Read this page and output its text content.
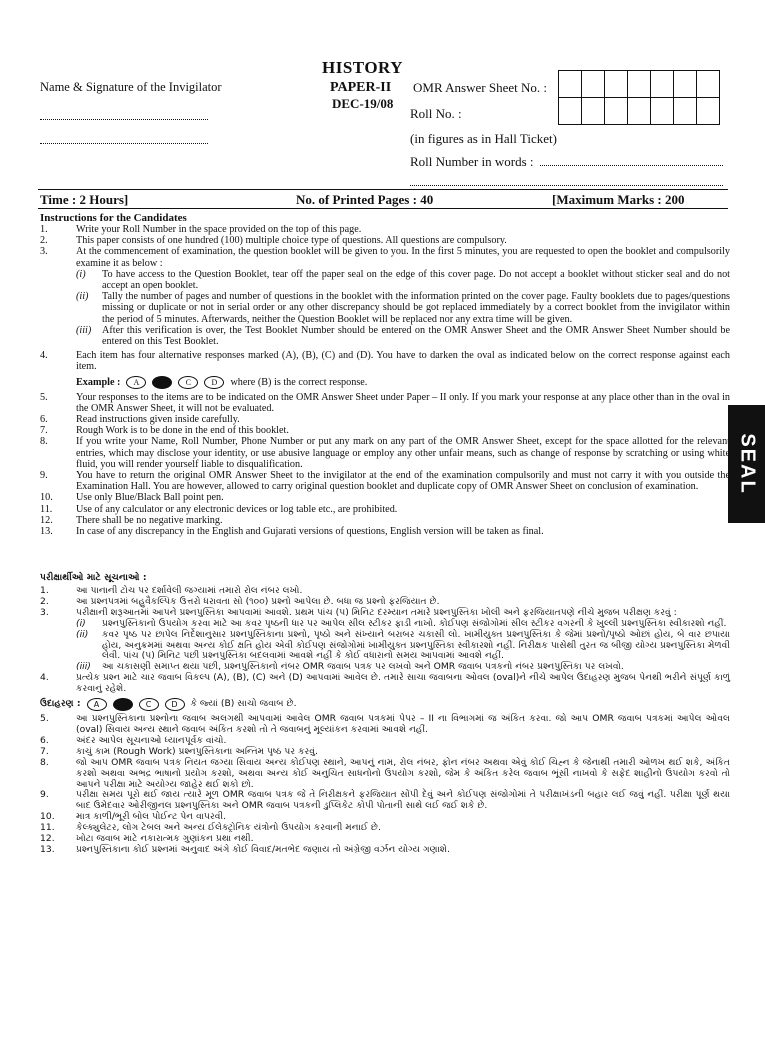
HISTORY
PAPER-II
DEC-19/08
Name & Signature of the Invigilator	OMR Answer Sheet No. :
Roll No. :
(in figures as in Hall Ticket)
Roll Number in words :
Time : 2 Hours]	No. of Printed Pages : 40	[Maximum Marks : 200
SEAL
Instructions for the Candidates
1.	Write your Roll Number in the space provided on the top of this page.
2.	This paper consists of one hundred (100) multiple choice type of questions. All questions are compulsory.
3.	At the commencement of examination, the question booklet will be given to you. In the first 5 minutes, you are requested to open the booklet and compulsorily examine it as below :
(i)	To have access to the Question Booklet, tear off the paper seal on the edge of this cover page. Do not accept a booklet without sticker seal and do not accept an open booklet.
(ii)	Tally the number of pages and number of questions in the booklet with the information printed on the cover page. Faulty booklets due to pages/questions missing or duplicate or not in serial order or any other discrepancy should be got replaced immediately by a correct booklet from the invigilator within the period of 5 minutes. Afterwards, neither the Question Booklet will be replaced nor any extra time will be given.
(iii)	After this verification is over, the Test Booklet Number should be entered on the OMR Answer Sheet and the OMR Answer Sheet Number should be entered on this Test Booklet.
4.	Each item has four alternative responses marked (A), (B), (C) and (D). You have to darken the oval as indicated below on the correct response against each item.
Example :	A	C	D	where (B) is the correct response.
5.	Your responses to the items are to be indicated on the OMR Answer Sheet under Paper – II only. If you mark your response at any place other than in the oval in the OMR Answer Sheet, it will not be evaluated.
6.	Read instructions given inside carefully.
7.	Rough Work is to be done in the end of this booklet.
8.	If you write your Name, Roll Number, Phone Number or put any mark on any part of the OMR Answer Sheet, except for the space allotted for the relevant entries, which may disclose your identity, or use abusive language or employ any other unfair means, such as change of response by scratching or using white fluid, you will render yourself liable to disqualification.
9.	You have to return the original OMR Answer Sheet to the invigilator at the end of the examination compulsorily and must not carry it with you outside the Examination Hall. You are however, allowed to carry original question booklet and duplicate copy of OMR Answer Sheet on conclusion of examination.
10.	Use only Blue/Black Ball point pen.
11.	Use of any calculator or any electronic devices or log table etc., are prohibited.
12.	There shall be no negative marking.
13.	In case of any discrepancy in the English and Gujarati versions of questions, English version will be taken as final.
પરીક્ષાર્થીઓ માટે સૂચનાઓ :
1.	આ પાનાની ટોચ પર દર્શાવેલી જગ્યામાં તમારો રોલ નંબર લખો.
2.	આ પ્રશ્નપત્રમાં બહુવૈકલ્પિક ઉત્તરો ધરાવતા સો (૧૦૦) પ્રશ્નો આપેલા છે. બધા જ પ્રશ્નો ફરજિયાત છે.
3.	પરીક્ષાની શરૂઆતમાં આપને પ્રશ્નપુસ્તિકા આપવામાં આવશે. પ્રથમ પાંચ (૫) મિનિટ દરમ્યાન તમારે પ્રશ્નપુસ્તિકા ખોલી અને ફરજિયાતપણે નીચે મુજબ પરીક્ષણ કરવું :
(i)	પ્રશ્નપુસ્તિકાનો ઉપયોગ કરવા માટે આ કવર પૃષ્ઠની ધાર પર આપેલ સીલ સ્ટીકર ફાડી નાખો. કોઈપણ સંજોગોમાં સીલ સ્ટીકર વગરની કે ખુલ્લી પ્રશ્નપુસ્તિકા સ્વીકારશો નહીં.
(ii)	કવર પૃષ્ઠ પર છાપેલ નિર્દેશાનુસાર પ્રશ્નપુસ્તિકાના પ્રશ્નો, પૃષ્ઠો અને સંખ્યાને બરાબર ચકાસી લો. ખામીયુક્ત પ્રશ્નપુસ્તિકા કે જેમાં પ્રશ્નો/પૃષ્ઠો ઓછાં હોય, બે વાર છપાયા હોય, અનુક્રમમાં અથવા અન્ય કોઈ ક્ષતિ હોય એવી કોઈપણ સંજોગોમાં ખામીયુક્ત પ્રશ્નપુસ્તિકા સ્વીકારશો નહીં. નિરીક્ષક પાસેથી તુરત જ બીજી યોગ્ય પ્રશ્નપુસ્તિકા મેળવી લેવી. પાંચ (૫) મિનિટ પછી પ્રશ્નપુસ્તિકા બદલવામાં આવશે નહીં કે કોઈ વધારાનો સમય આપવામાં આવશે નહીં.
(iii)	આ ચકાસણી સમાપ્ત થયા પછી, પ્રશ્નપુસ્તિકાનો નંબર OMR જવાબ પત્રક પર લખવો અને OMR જવાબ પત્રકનો નંબર પ્રશ્નપુસ્તિકા પર લખવો.
4.	પ્રત્યેક પ્રશ્ન માટે ચાર જવાબ વિકલ્પ (A), (B), (C) અને (D) આપવામાં આવેલ છે. તમારે સાચા જવાબના ઓવલ (oval)ને નીચે આપેલ ઉદાહરણ મુજબ પેનથી ભરીને સંપૂર્ણ કાળું કરવાનું રહેશે.
ઉદાહરણ :	A	C	D	કે જ્યાં (B) સાચો જવાબ છે.
5.	આ પ્રશ્નપુસ્તિકાના પ્રશ્નોના જવાબ અલગથી આપવામાં આવેલ OMR જવાબ પત્રકમાં પેપર – II ના વિભાગમાં જ અંકિત કરવા. જો આપ OMR જવાબ પત્રકમાં આપેલ ઓવલ (oval) સિવાય અન્ય સ્થાને જવાબ અંકિત કરશો તો તે જવાબનું મૂલ્યાંકન કરવામાં આવશે નહીં.
6.	અંદર આપેલ સૂચનાઓ ધ્યાનપૂર્વક વાંચો.
7.	કાચું કામ (Rough Work) પ્રશ્નપુસ્તિકાના અન્તિમ પૃષ્ઠ પર કરવું.
8.	જો આપ OMR જવાબ પત્રક નિયત જગ્યા સિવાય અન્ય કોઈપણ સ્થાને, આપનું નામ, રોલ નંબર, ફોન નંબર અથવા એવું કોઈ ચિહ્ન કે જેનાથી તમારી ઓળખ થઈ શકે, અંકિત કરશો અથવા અભદ્ર ભાષાનો પ્રયોગ કરશો, અથવા અન્ય કોઈ અનુચિત સાધનોનો ઉપયોગ કરશો, જેમ કે અંકિત કરેલ જવાબ ભૂંસી નાખવો કે સફેદ શાહીનો ઉપયોગ કરવો તો આપને પરીક્ષા માટે અયોગ્ય જાહેર થઈ શકો છો.
9.	પરીક્ષા સમય પૂરો થઈ જાય ત્યારે મૂળ OMR જવાબ પત્રક જે તે નિરીક્ષકને ફરજિયાત સોંપી દેવું અને કોઈપણ સંજોગોમાં તે પરીક્ષાખંડની બહાર લઈ જવું નહીં. પરીક્ષા પૂર્ણ થયા બાદ ઉમેદવાર ઓરીજીનલ પ્રશ્નપુસ્તિકા અને OMR જવાબ પત્રકની ડુપ્લિકેટ કોપી પોતાની સાથે લઈ જઈ શકે છે.
10.	માત્ર કાળી/ભૂરી બોલ પોઈન્ટ પેન વાપરવી.
11.	કેલ્ક્યુલેટર, લોગ ટેબલ અને અન્ય ઈલેક્ટ્રોનિક યંત્રોનો ઉપયોગ કરવાની મનાઈ છે.
12.	ખોટા જવાબ માટે નકારાત્મક ગુણાંકન પ્રથા નથી.
13.	પ્રશ્નપુસ્તિકાના કોઈ પ્રશ્નમાં અનુવાદ અંગે કોઈ વિવાદ/મતભેદ જણાય તો અંગ્રેજી વર્ઝન યોગ્ય ગણાશે.
